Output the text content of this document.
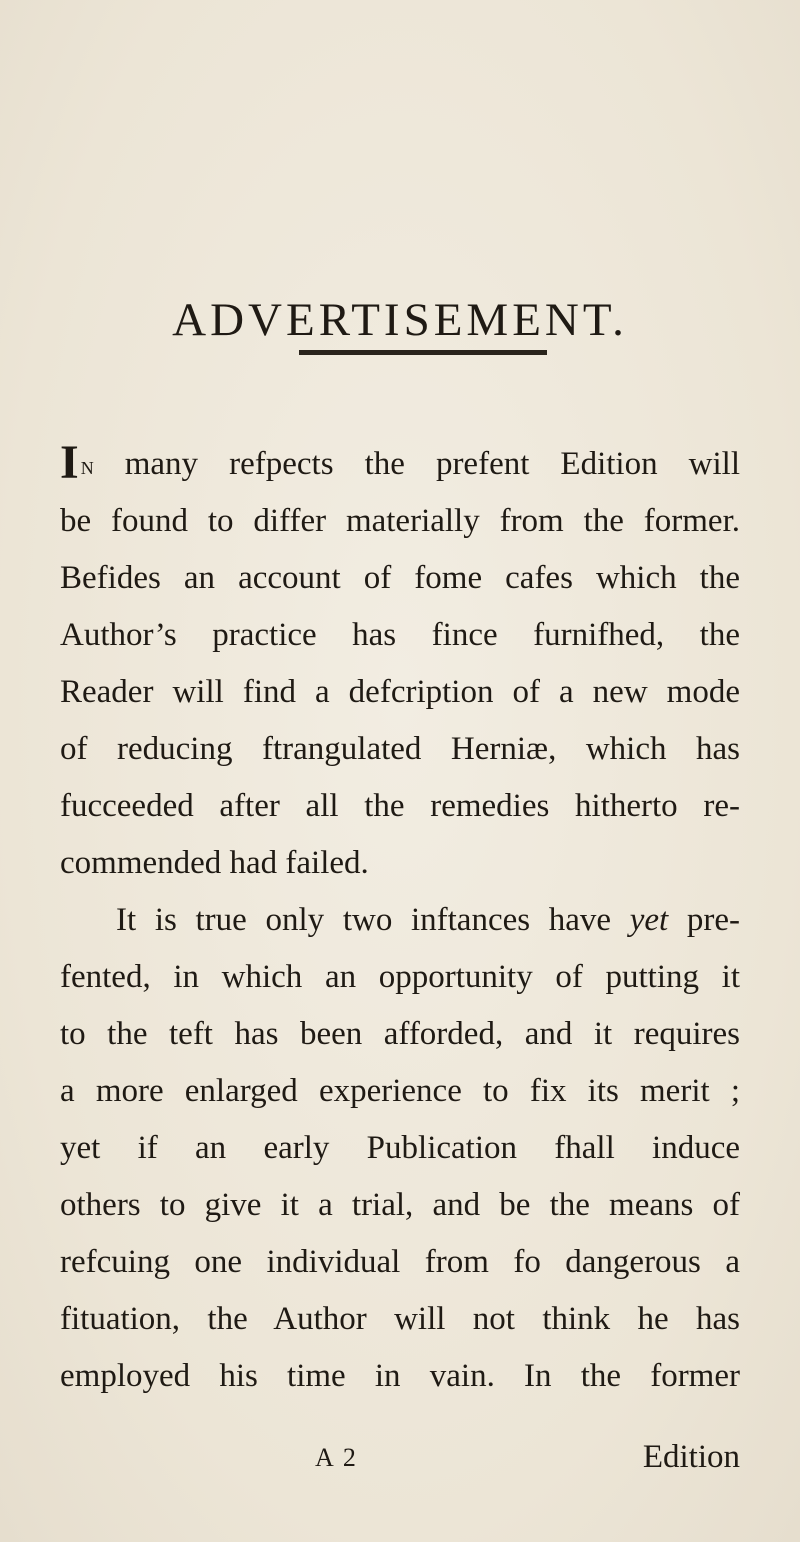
ADVERTISEMENT.
In many refpects the prefent Edition will
be found to differ materially from the former.
Befides an account of fome cafes which the
Author’s practice has fince furnifhed, the
Reader will find a defcription of a new mode
of reducing ftrangulated Herniæ, which has
fucceeded after all the remedies hitherto re-
commended had failed.
It is true only two inftances have yet pre-
fented, in which an opportunity of putting it
to the teft has been afforded, and it requires
a more enlarged experience to fix its merit ;
yet if an early Publication fhall induce
others to give it a trial, and be the means of
refcuing one individual from fo dangerous a
fituation, the Author will not think he has
employed his time in vain. In the former
A 2	Edition
